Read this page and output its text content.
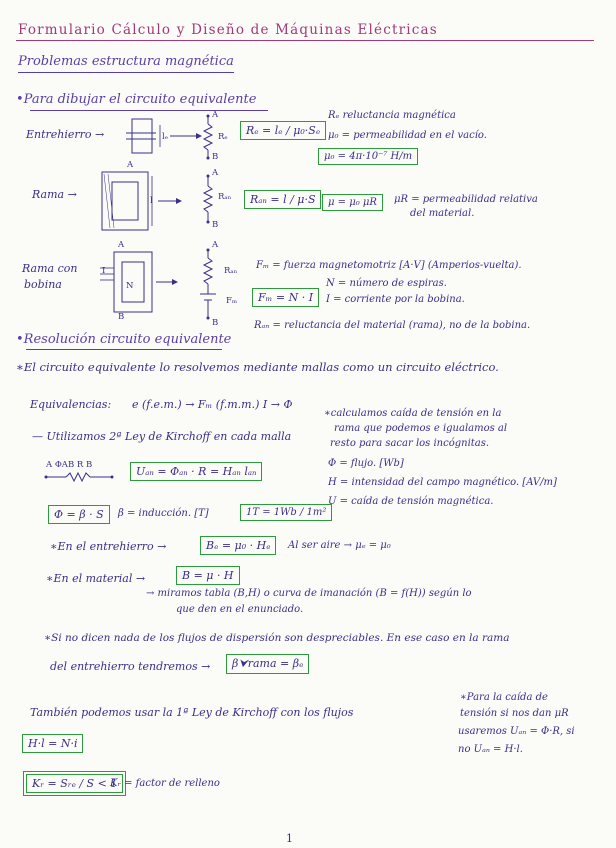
Formulario Cálculo y Diseño de Máquinas Eléctricas
Problemas estructura magnética
•Para dibujar el circuito equivalente
Entrehierro →	lₑ
A
B
Rₑ	Rₑ = lₑ / μ₀·Sₑ
Rₑ reluctancia magnética
μ₀ = permeabilidad en el vacío.
μ₀ = 4π·10⁻⁷ H/m
Rama →
A
l
A
B
Rₐₙ	Rₐₙ = l / μ·S	μ = μ₀ μR	μR = permeabilidad relativa
del material.
Rama con
bobina
A
N
I
B
A
B
Rₐₙ
Fₘ
Fₘ = fuerza magnetomotriz [A·V] (Amperios-vuelta).
Fₘ = N · I
N = número de espiras.
I = corriente por la bobina.
Rₐₙ = reluctancia del material (rama), no de la bobina.
•Resolución circuito equivalente
∗El circuito equivalente lo resolvemos mediante mallas como un circuito eléctrico.
Equivalencias: e (f.e.m.) → Fₘ (f.m.m.) I → Φ
— Utilizamos 2ª Ley de Kirchoff en cada malla
∗calculamos caída de tensión en la
rama que podemos e igualamos al
resto para sacar los incógnitas.
A ΦAB R B	Uₐₙ = Φₐₙ · R = Hₐₙ lₐₙ
Φ = flujo. [Wb]
H = intensidad del campo magnético. [AV/m]
U = caída de tensión magnética.
Φ = β · S	β = inducción. [T]	1T = 1Wb / 1m²
∗En el entrehierro →	Bₑ = μ₀ · Hₑ	Al ser aire → μₑ = μ₀
∗En el material →	B = μ · H
→ miramos tabla (B,H) o curva de imanación (B = f(H)) según lo
que den en el enunciado.
∗Si no dicen nada de los flujos de dispersión son despreciables. En ese caso en la rama
del entrehierro tendremos →	β⮟rama = βₑ
También podemos usar la 1ª Ley de Kirchoff con los flujos
H·l = N·i
Kᵣ = Sᵣₑ / S < 1
Kᵣ = factor de relleno
∗Para la caída de
tensión si nos dan μR
usaremos Uₐₙ = Φ·R, si
no Uₐₙ = H·l.
1
